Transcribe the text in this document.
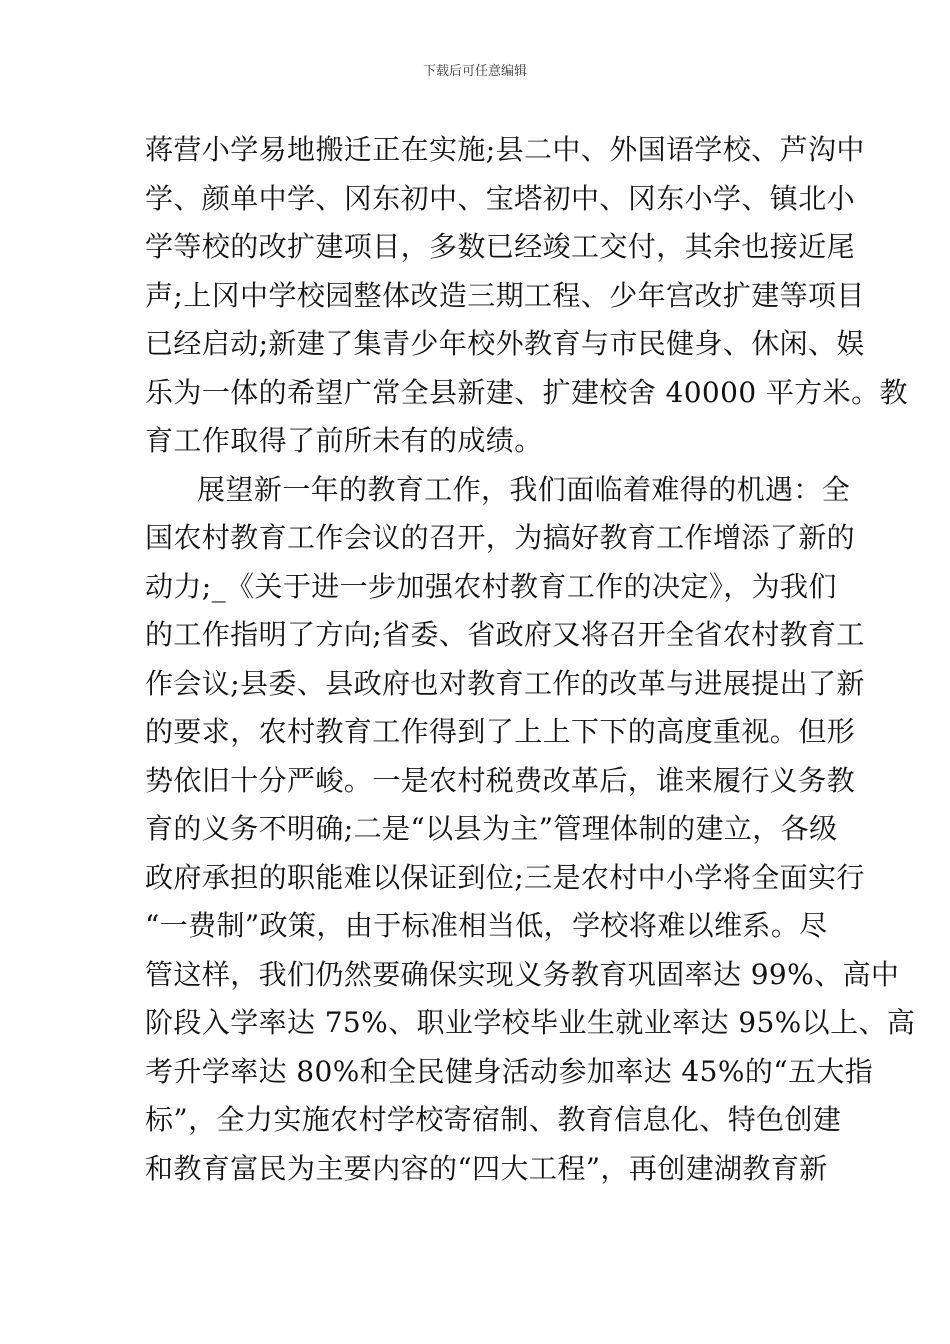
下载后可任意编辑
蒋营小学易地搬迁正在实施;县二中、外国语学校、芦沟中
学、颜单中学、冈东初中、宝塔初中、冈东小学、镇北小
学等校的改扩建项目，多数已经竣工交付，其余也接近尾
声;上冈中学校园整体改造三期工程、少年宫改扩建等项目
已经启动;新建了集青少年校外教育与市民健身、休闲、娱
乐为一体的希望广常全县新建、扩建校舍 40000 平方米。教
育工作取得了前所未有的成绩。
展望新一年的教育工作，我们面临着难得的机遇：全
国农村教育工作会议的召开，为搞好教育工作增添了新的
动力;_《关于进一步加强农村教育工作的决定》，为我们
的工作指明了方向;省委、省政府又将召开全省农村教育工
作会议;县委、县政府也对教育工作的改革与进展提出了新
的要求，农村教育工作得到了上上下下的高度重视。但形
势依旧十分严峻。一是农村税费改革后，谁来履行义务教
育的义务不明确;二是“以县为主”管理体制的建立，各级
政府承担的职能难以保证到位;三是农村中小学将全面实行
“一费制”政策，由于标准相当低，学校将难以维系。尽
管这样，我们仍然要确保实现义务教育巩固率达 99%、高中
阶段入学率达 75%、职业学校毕业生就业率达 95%以上、高
考升学率达 80%和全民健身活动参加率达 45%的“五大指
标”，全力实施农村学校寄宿制、教育信息化、特色创建
和教育富民为主要内容的“四大工程”，再创建湖教育新
